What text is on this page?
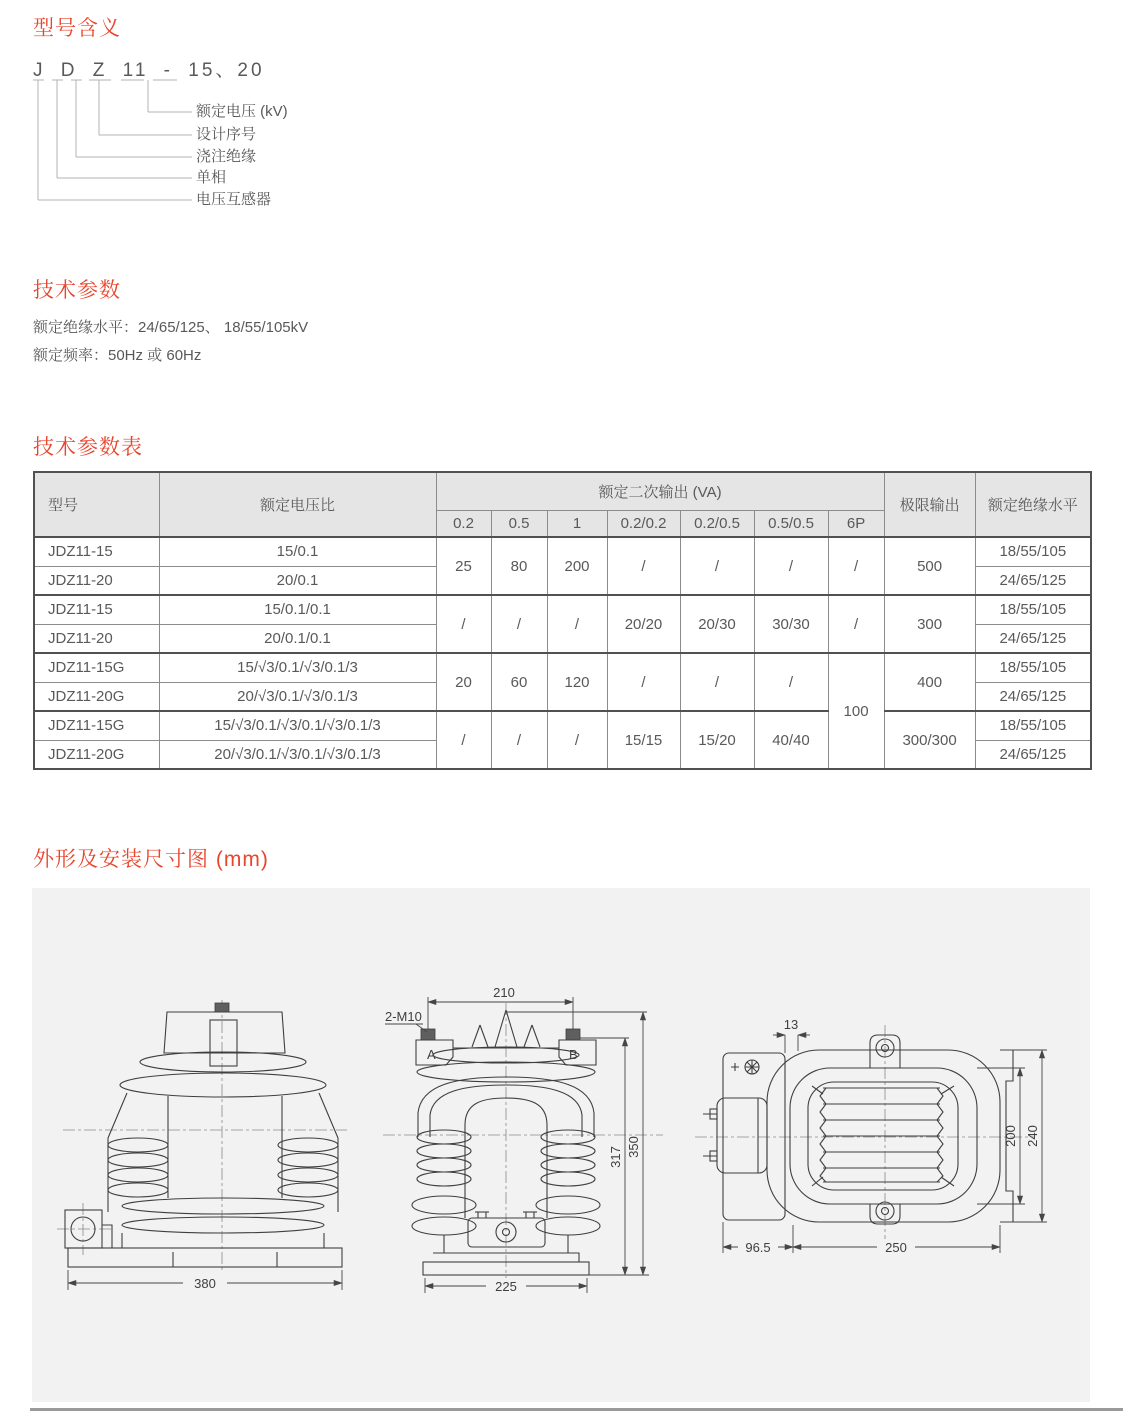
型号含义
J D Z 11 - 15、20
额定电压 (kV)
设计序号
浇注绝缘
单相
电压互感器
技术参数
额定绝缘水平：24/65/125、 18/55/105kV
额定频率：50Hz 或 60Hz
技术参数表
型号	额定电压比	额定二次输出 (VA)							极限输出	额定绝缘水平
		0.2	0.5	1	0.2/0.2	0.2/0.5	0.5/0.5	6P		
JDZ11-15	15/0.1	25	80	200	/	/	/	/	500	18/55/105
JDZ11-20	20/0.1									24/65/125
JDZ11-15	15/0.1/0.1	/	/	/	20/20	20/30	30/30	/	300	18/55/105
JDZ11-20	20/0.1/0.1									24/65/125
JDZ11-15G	15/√3/0.1/√3/0.1/3	20	60	120	/	/	/	100	400	18/55/105
JDZ11-20G	20/√3/0.1/√3/0.1/3									24/65/125
JDZ11-15G	15/√3/0.1/√3/0.1/√3/0.1/3	/	/	/	15/15	15/20	40/40		300/300	18/55/105
JDZ11-20G	20/√3/0.1/√3/0.1/√3/0.1/3									24/65/125
外形及安装尺寸图 (mm)
380
210
2-M10
A	B
317 350
225
13
200 240
96.5	250
